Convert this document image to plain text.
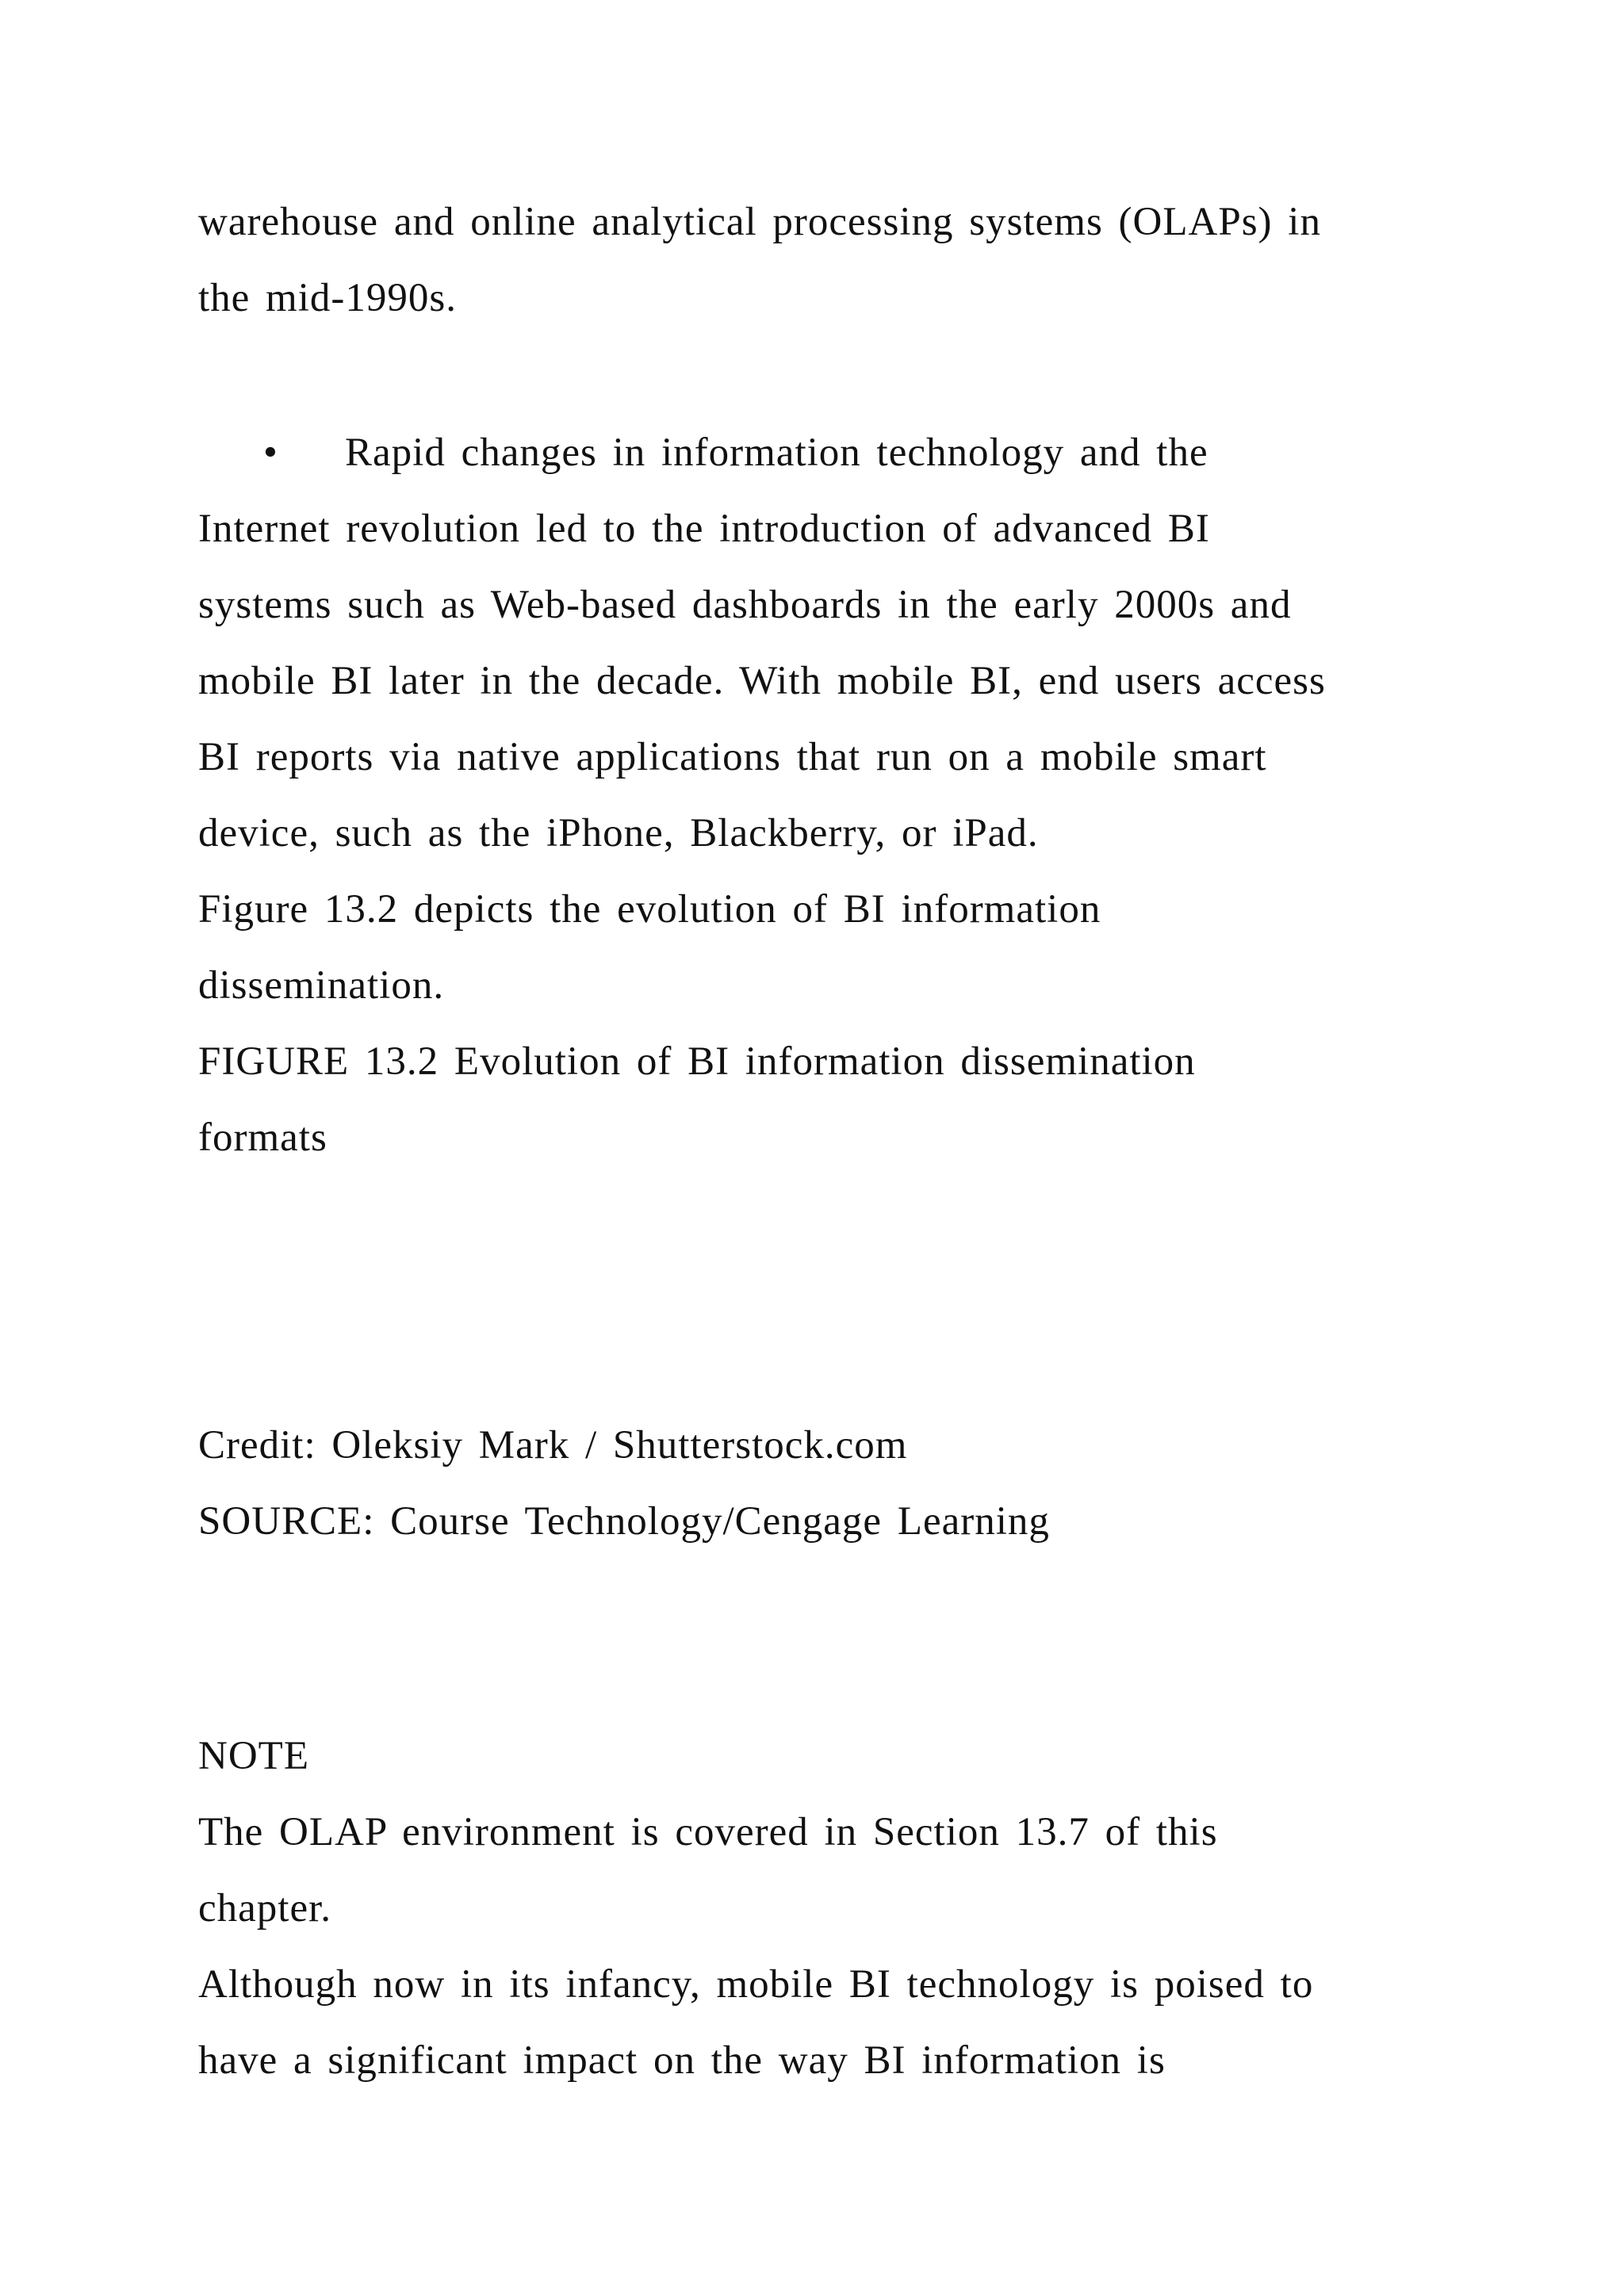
warehouse and online analytical processing systems (OLAPs) in
the mid-1990s.
• Rapid changes in information technology and the
Internet revolution led to the introduction of advanced BI
systems such as Web-based dashboards in the early 2000s and
mobile BI later in the decade. With mobile BI, end users access
BI reports via native applications that run on a mobile smart
device, such as the iPhone, Blackberry, or iPad.
Figure 13.2 depicts the evolution of BI information
dissemination.
FIGURE 13.2 Evolution of BI information dissemination
formats
Credit: Oleksiy Mark / Shutterstock.com
SOURCE: Course Technology/Cengage Learning
NOTE
The OLAP environment is covered in Section 13.7 of this
chapter.
Although now in its infancy, mobile BI technology is poised to
have a significant impact on the way BI information is
